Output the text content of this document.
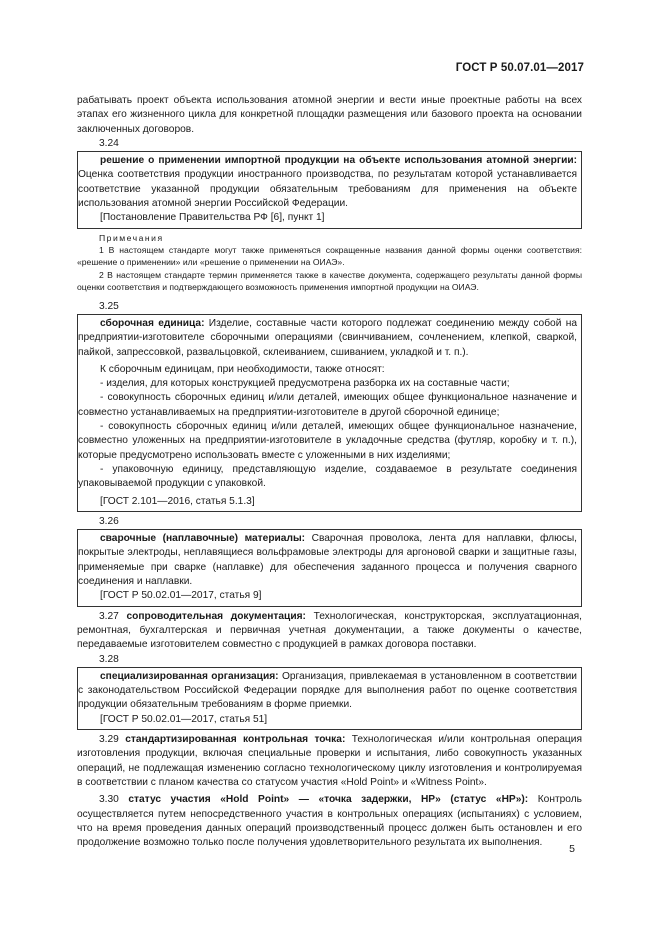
ГОСТ Р 50.07.01—2017

рабатывать проект объекта использования атомной энергии и вести иные проектные работы на всех этапах его жизненного цикла для конкретной площадки размещения или базового проекта на основании заключенных договоров.

3.24

решение о применении импортной продукции на объекте использования атомной энергии: Оценка соответствия продукции иностранного производства, по результатам которой устанавливается соответствие указанной продукции обязательным требованиям для применения на объекте использования атомной энергии Российской Федерации.

[Постановление Правительства РФ [6], пункт 1]

Примечания

1 В настоящем стандарте могут также применяться сокращенные названия данной формы оценки соответствия: «решение о применении» или «решение о применении на ОИАЭ».

2 В настоящем стандарте термин применяется также в качестве документа, содержащего результаты данной формы оценки соответствия и подтверждающего возможность применения импортной продукции на ОИАЭ.

3.25

сборочная единица: Изделие, составные части которого подлежат соединению между собой на предприятии-изготовителе сборочными операциями (свинчиванием, сочленением, клепкой, сваркой, пайкой, запрессовкой, развальцовкой, склеиванием, сшиванием, укладкой и т. п.).

К сборочным единицам, при необходимости, также относят:

- изделия, для которых конструкцией предусмотрена разборка их на составные части;

- совокупность сборочных единиц и/или деталей, имеющих общее функциональное назначение и совместно устанавливаемых на предприятии-изготовителе в другой сборочной единице;

- совокупность сборочных единиц и/или деталей, имеющих общее функциональное назначение, совместно уложенных на предприятии-изготовителе в укладочные средства (футляр, коробку и т. п.), которые предусмотрено использовать вместе с уложенными в них изделиями;

- упаковочную единицу, представляющую изделие, создаваемое в результате соединения упаковываемой продукции с упаковкой.

[ГОСТ 2.101—2016, статья 5.1.3]

3.26

сварочные (наплавочные) материалы: Сварочная проволока, лента для наплавки, флюсы, покрытые электроды, неплавящиеся вольфрамовые электроды для аргоновой сварки и защитные газы, применяемые при сварке (наплавке) для обеспечения заданного процесса и получения сварного соединения и наплавки.

[ГОСТ Р 50.02.01—2017, статья 9]

3.27 сопроводительная документация: Технологическая, конструкторская, эксплуатационная, ремонтная, бухгалтерская и первичная учетная документации, а также документы о качестве, передаваемые изготовителем совместно с продукцией в рамках договора поставки.

3.28

специализированная организация: Организация, привлекаемая в установленном в соответствии с законодательством Российской Федерации порядке для выполнения работ по оценке соответствия продукции обязательным требованиям в форме приемки.

[ГОСТ Р 50.02.01—2017, статья 51]

3.29 стандартизированная контрольная точка: Технологическая и/или контрольная операция изготовления продукции, включая специальные проверки и испытания, либо совокупность указанных операций, не подлежащая изменению согласно технологическому циклу изготовления и контролируемая в соответствии с планом качества со статусом участия «Hold Point» и «Witness Point».

3.30 статус участия «Hold Point» — «точка задержки, HP» (статус «HP»): Контроль осуществляется путем непосредственного участия в контрольных операциях (испытаниях) с условием, что на время проведения данных операций производственный процесс должен быть остановлен и его продолжение возможно только после получения удовлетворительного результата их выполнения.

5
